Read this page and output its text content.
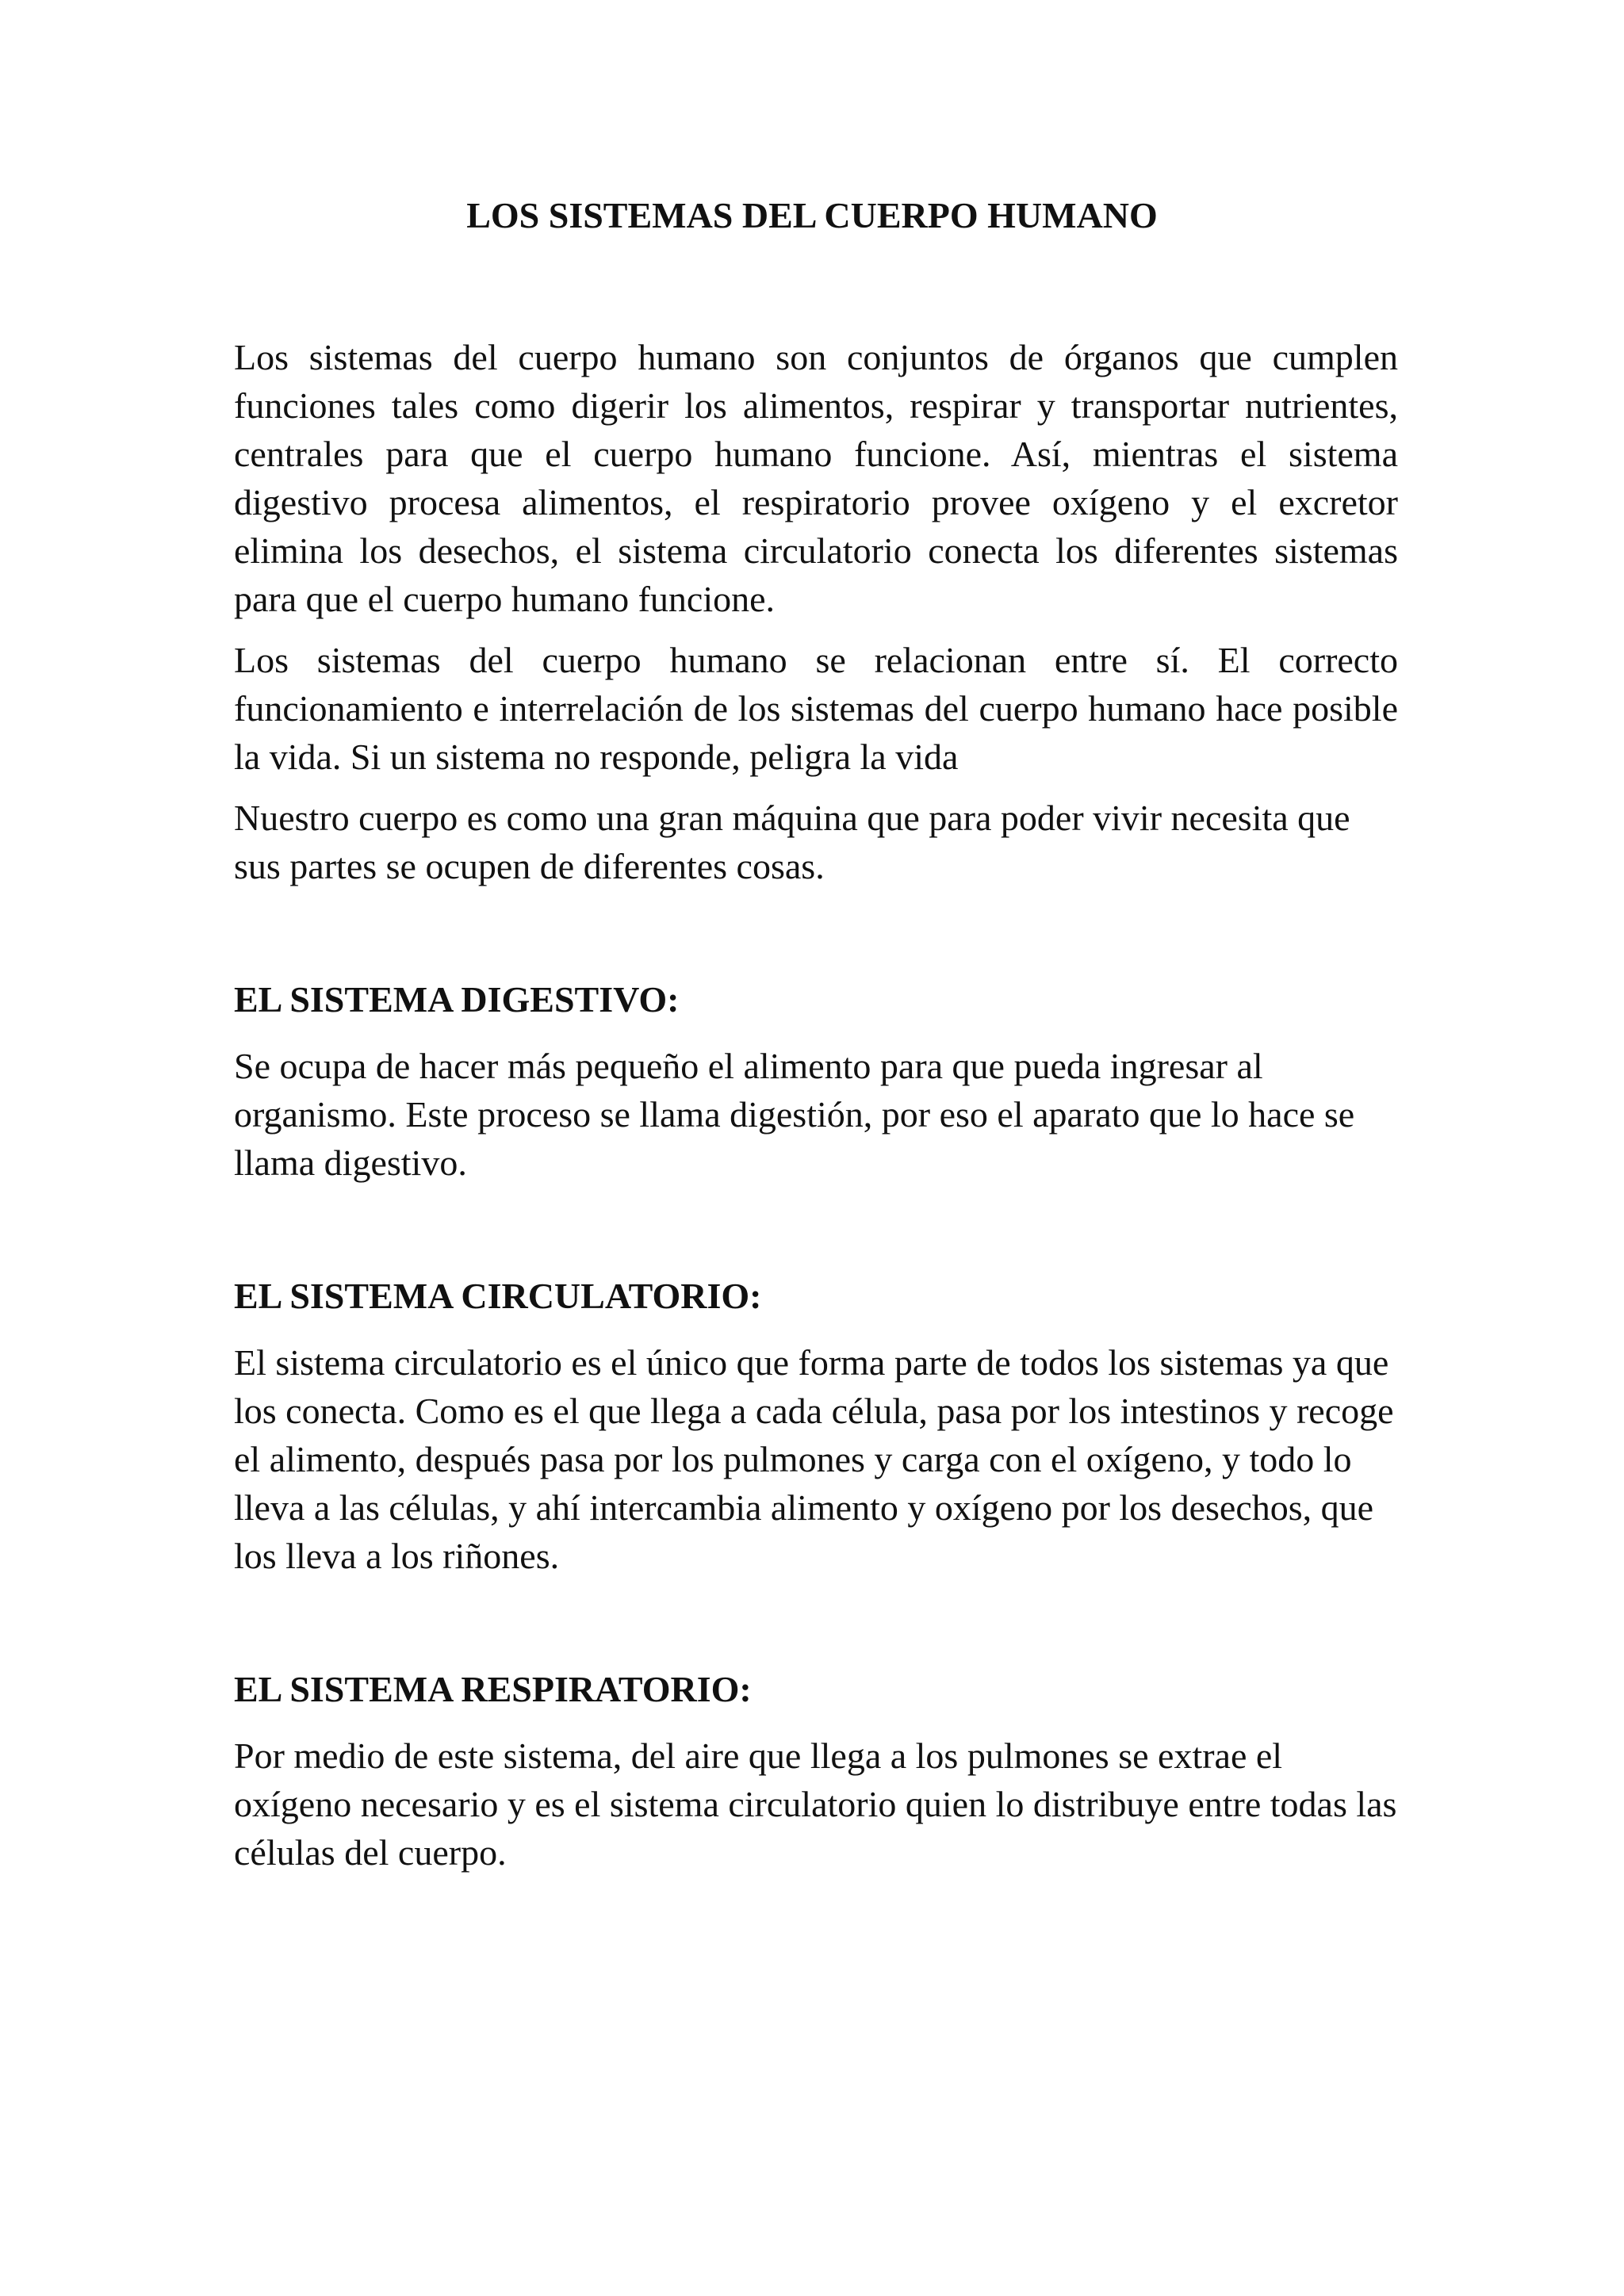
LOS SISTEMAS DEL CUERPO HUMANO

Los sistemas del cuerpo humano son conjuntos de órganos que cumplen funciones tales como digerir los alimentos, respirar y transportar nutrientes, centrales para que el cuerpo humano funcione. Así, mientras el sistema digestivo procesa alimentos, el respiratorio provee oxígeno y el excretor elimina los desechos, el sistema circulatorio conecta los diferentes sistemas para que el cuerpo humano funcione.

Los sistemas del cuerpo humano se relacionan entre sí. El correcto funcionamiento e interrelación de los sistemas del cuerpo humano hace posible la vida. Si un sistema no responde, peligra la vida

Nuestro cuerpo es como una gran máquina que para poder vivir necesita que sus partes se ocupen de diferentes cosas.

EL SISTEMA DIGESTIVO:

Se ocupa de hacer más pequeño el alimento para que pueda ingresar al organismo. Este proceso se llama digestión, por eso el aparato que lo hace se llama digestivo.

EL SISTEMA CIRCULATORIO:

El sistema circulatorio es el único que forma parte de todos los sistemas ya que los conecta. Como es el que llega a cada célula, pasa por los intestinos y recoge el alimento, después pasa por los pulmones y carga con el oxígeno, y todo lo lleva a las células, y ahí intercambia alimento y oxígeno por los desechos, que los lleva a los riñones.

EL SISTEMA RESPIRATORIO:

Por medio de este sistema, del aire que llega a los pulmones se extrae el oxígeno necesario y es el sistema circulatorio quien lo distribuye entre todas las células del cuerpo.
